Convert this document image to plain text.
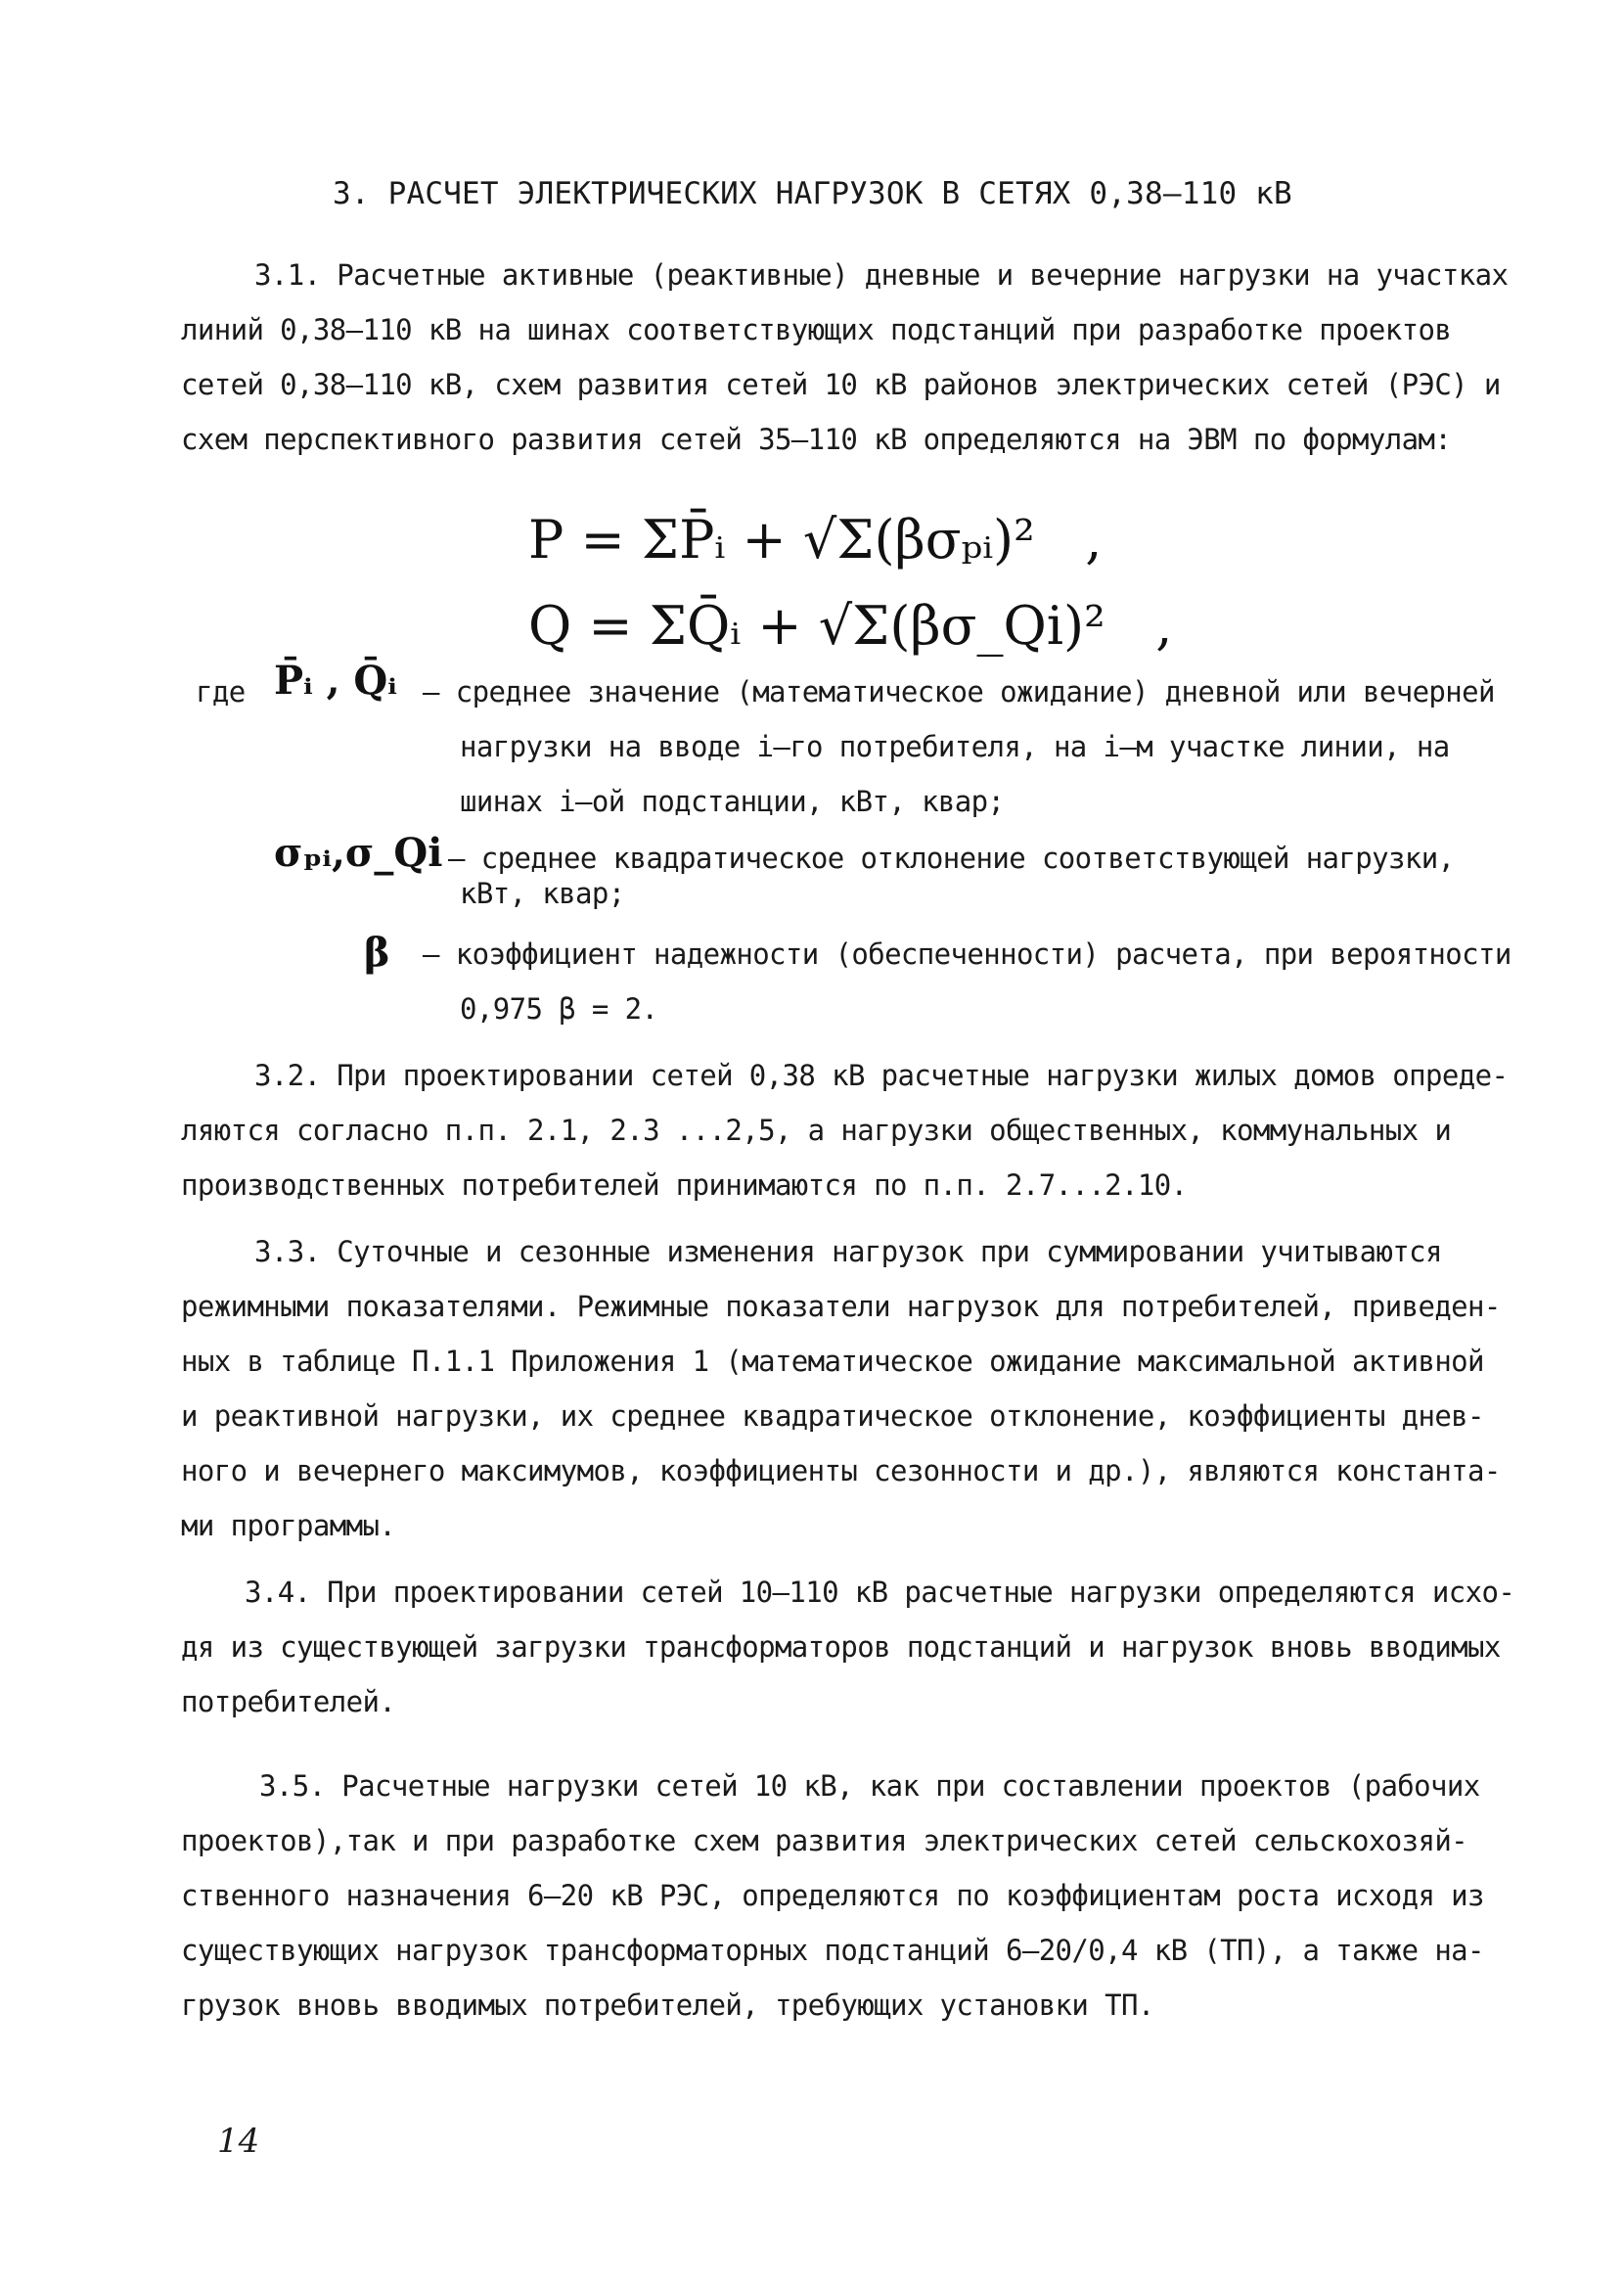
3. РАСЧЕТ ЭЛЕКТРИЧЕСКИХ НАГРУЗОК В СЕТЯХ 0,38–110 кВ
3.1. Расчетные активные (реактивные) дневные и вечерние нагрузки на участках
линий 0,38–110 кВ на шинах соответствующих подстанций при разработке проектов
сетей 0,38–110 кВ, схем развития сетей 10 кВ районов электрических сетей (РЭС) и
схем перспективного развития сетей 35–110 кВ определяются на ЭВМ по формулам:
P = ΣP̄ᵢ + √Σ(βσₚᵢ)²   ,
Q = ΣQ̄ᵢ + √Σ(βσ_Qi)²   ,
где P̄ᵢ , Q̄ᵢ – среднее значение (математическое ожидание) дневной или вечерней
нагрузки на вводе i–го потребителя, на i–м участке линии, на
шинах i–ой подстанции, кВт, квар;
σₚᵢ,σ_Qi – среднее квадратическое отклонение соответствующей нагрузки,
кВт, квар;
β – коэффициент надежности (обеспеченности) расчета, при вероятности
0,975 β = 2.
3.2. При проектировании сетей 0,38 кВ расчетные нагрузки жилых домов опреде-
ляются согласно п.п. 2.1, 2.3 ...2,5, а нагрузки общественных, коммунальных и
производственных потребителей принимаются по п.п. 2.7...2.10.
3.3. Суточные и сезонные изменения нагрузок при суммировании учитываются
режимными показателями. Режимные показатели нагрузок для потребителей, приведен-
ных в таблице П.1.1 Приложения 1 (математическое ожидание максимальной активной
и реактивной нагрузки, их среднее квадратическое отклонение, коэффициенты днев-
ного и вечернего максимумов, коэффициенты сезонности и др.), являются константа-
ми программы.
3.4. При проектировании сетей 10–110 кВ расчетные нагрузки определяются исхо-
дя из существующей загрузки трансформаторов подстанций и нагрузок вновь вводимых
потребителей.
3.5. Расчетные нагрузки сетей 10 кВ, как при составлении проектов (рабочих
проектов),так и при разработке схем развития электрических сетей сельскохозяй-
ственного назначения 6–20 кВ РЭС, определяются по коэффициентам роста исходя из
существующих нагрузок трансформаторных подстанций 6–20/0,4 кВ (ТП), а также на-
грузок вновь вводимых потребителей, требующих установки ТП.
14
